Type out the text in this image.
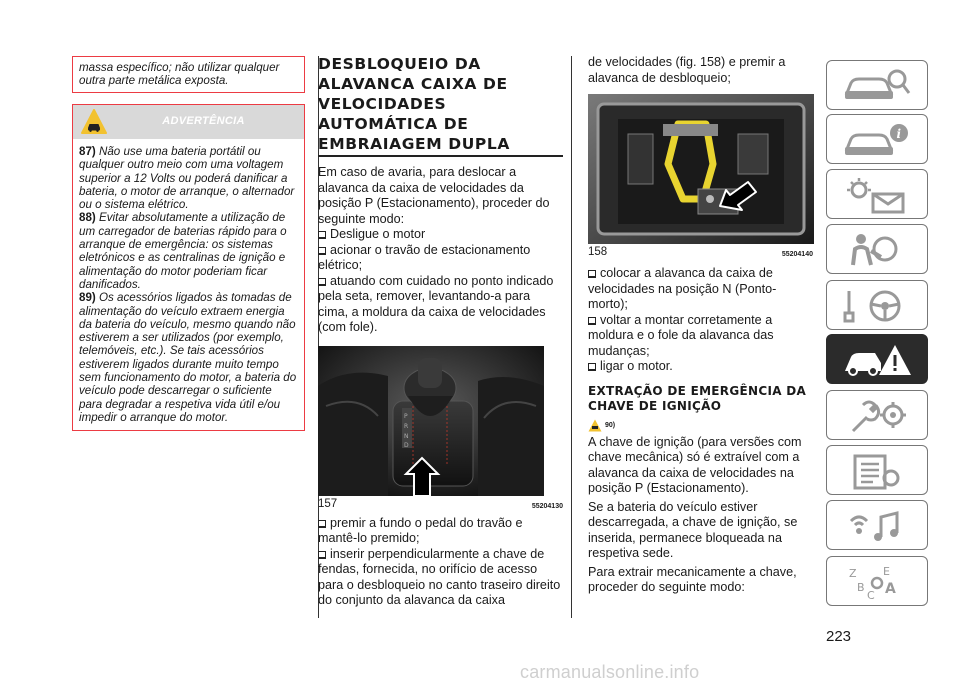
massa específico; não utilizar qualquer outra parte metálica exposta.
ADVERTÊNCIA

87) Não use uma bateria portátil ou qualquer outro meio com uma voltagem superior a 12 Volts ou poderá danificar a bateria, o motor de arranque, o alternador ou o sistema elétrico.

88) Evitar absolutamente a utilização de um carregador de baterias rápido para o arranque de emergência: os sistemas eletrónicos e as centralinas de ignição e alimentação do motor poderiam ficar danificados.

89) Os acessórios ligados às tomadas de alimentação do veículo extraem energia da bateria do veículo, mesmo quando não estiverem a ser utilizados (por exemplo, telemóveis, etc.). Se tais acessórios estiverem ligados durante muito tempo sem funcionamento do motor, a bateria do veículo pode descarregar o suficiente para degradar a respetiva vida útil e/ou impedir o arranque do motor.

DESBLOQUEIO DA ALAVANCA CAIXA DE VELOCIDADES AUTOMÁTICA DE EMBRAIAGEM DUPLA
Em caso de avaria, para deslocar a alavanca da caixa de velocidades da posição P (Estacionamento), proceder do seguinte modo:
Desligue o motor
acionar o travão de estacionamento elétrico;
atuando com cuidado no ponto indicado pela seta, remover, levantando-a para cima, a moldura da caixa de velocidades (com fole).
P
R
N
D
157	55204130
premir a fundo o pedal do travão e mantê-lo premido;
inserir perpendicularmente a chave de fendas, fornecida, no orifício de acesso para o desbloqueio no canto traseiro direito do conjunto da alavanca da caixa
de velocidades (fig. 158) e premir a alavanca de desbloqueio;
158	55204140
colocar a alavanca da caixa de velocidades na posição N (Ponto-morto);
voltar a montar corretamente a moldura e o fole da alavanca das mudanças;
ligar o motor.
EXTRAÇÃO DE EMERGÊNCIA DA CHAVE DE IGNIÇÃO
90)
A chave de ignição (para versões com chave mecânica) só é extraível com a alavanca da caixa de velocidades na posição P (Estacionamento).
Se a bateria do veículo estiver descarregada, a chave de ignição, se inserida, permanece bloqueada na respetiva sede.
Para extrair mecanicamente a chave, proceder do seguinte modo:
i
Z E
B
C A
223
carmanualsonline.info
